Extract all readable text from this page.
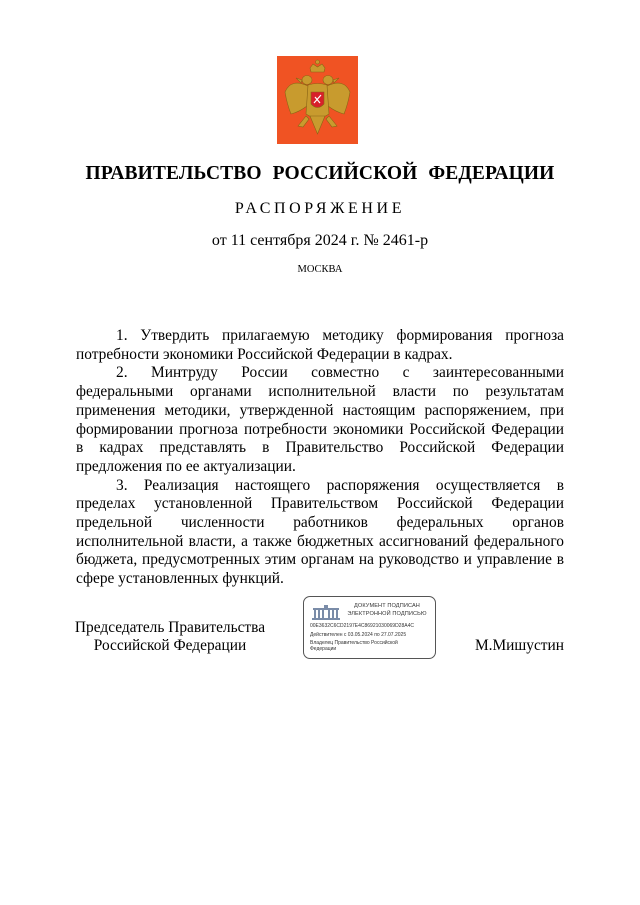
ПРАВИТЕЛЬСТВО РОССИЙСКОЙ ФЕДЕРАЦИИ
РАСПОРЯЖЕНИЕ
от 11 сентября 2024 г. № 2461-р
МОСКВА

1. Утвердить прилагаемую методику формирования прогноза потребности экономики Российской Федерации в кадрах.

2. Минтруду России совместно с заинтересованными федеральными органами исполнительной власти по результатам применения методики, утвержденной настоящим распоряжением, при формировании прогноза потребности экономики Российской Федерации в кадрах представлять в Правительство Российской Федерации предложения по ее актуализации.

3. Реализация настоящего распоряжения осуществляется в пределах установленной Правительством Российской Федерации предельной численности работников федеральных органов исполнительной власти, а также бюджетных ассигнований федерального бюджета, предусмотренных этим органам на руководство и управление в сфере установленных функций.

Председатель Правительства
Российской Федерации
ДОКУМЕНТ ПОДПИСАН
ЭЛЕКТРОННОЙ ПОДПИСЬЮ
00E3632C6CD2197E4C86921030069D28A4C
Действителен с 03.05.2024 по 27.07.2025
Владелец Правительство Российской
Федерации	М.Мишустин
